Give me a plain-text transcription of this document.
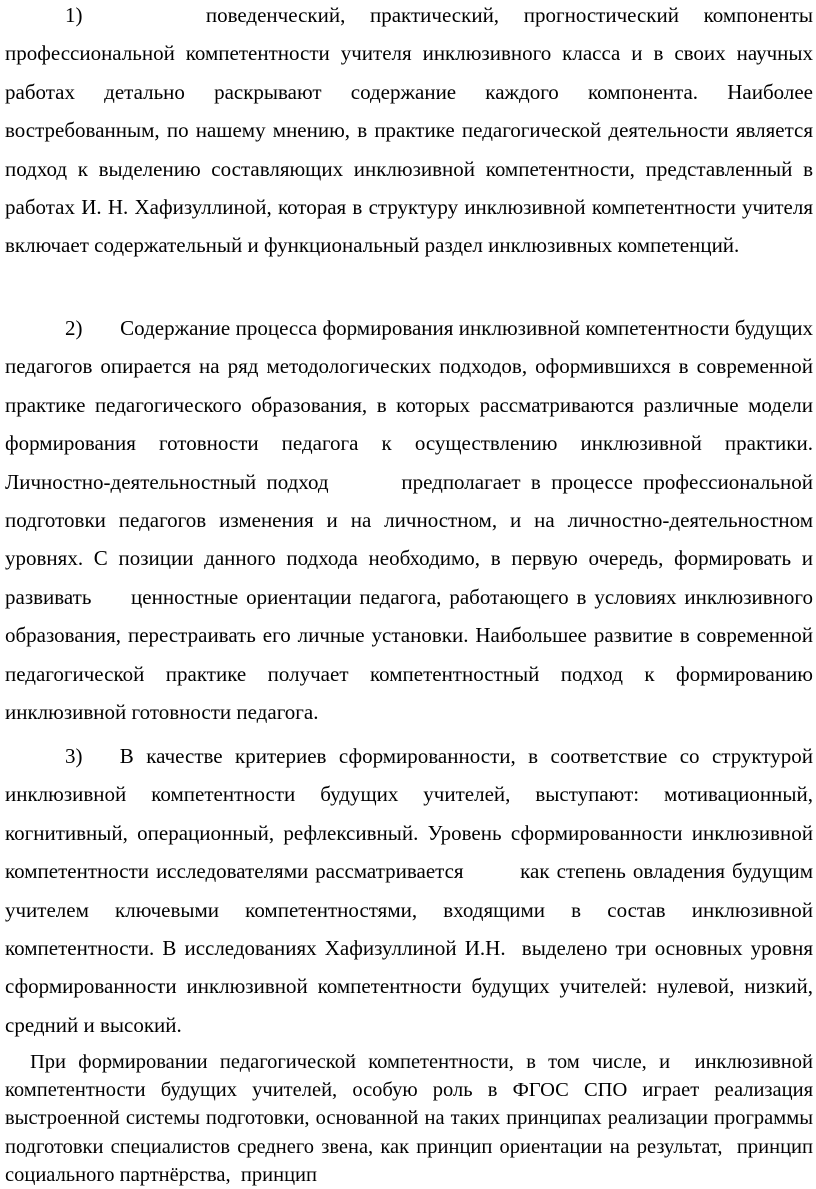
1)     поведенческий, практический, прогностический компоненты профессиональной компетентности учителя инклюзивного класса и в своих научных работах детально раскрывают содержание каждого компонента. Наиболее востребованным, по нашему мнению, в практике педагогической деятельности является подход к выделению составляющих инклюзивной компетентности, представленный в работах И. Н. Хафизуллиной, которая в структуру инклюзивной компетентности учителя включает содержательный и функциональный раздел инклюзивных компетенций.

2)       Содержание процесса формирования инклюзивной компетентности будущих педагогов опирается на ряд методологических подходов, оформившихся в современной практике педагогического образования, в которых рассматриваются различные модели формирования готовности педагога к осуществлению инклюзивной практики. Личностно-деятельностный подход       предполагает в процессе профессиональной подготовки педагогов изменения и на личностном, и на личностно-деятельностном уровнях. С позиции данного подхода необходимо, в первую очередь, формировать и развивать     ценностные ориентации педагога, работающего в условиях инклюзивного образования, перестраивать его личные установки. Наибольшее развитие в современной педагогической практике получает компетентностный подход к формированию инклюзивной готовности педагога.

3)   В качестве критериев сформированности, в соответствие со структурой инклюзивной компетентности будущих учителей, выступают: мотивационный, когнитивный, операционный, рефлексивный. Уровень сформированности инклюзивной компетентности исследователями рассматривается        как степень овладения будущим учителем ключевыми компетентностями, входящими в состав инклюзивной компетентности. В исследованиях Хафизуллиной И.Н.  выделено три основных уровня сформированности инклюзивной компетентности будущих учителей: нулевой, низкий, средний и высокий.

При формировании педагогической компетентности, в том числе, и  инклюзивной компетентности будущих учителей, особую роль в ФГОС СПО играет реализация выстроенной системы подготовки, основанной на таких принципах реализации программы подготовки специалистов среднего звена, как принцип ориентации на результат,  принцип социального партнёрства,  принцип
